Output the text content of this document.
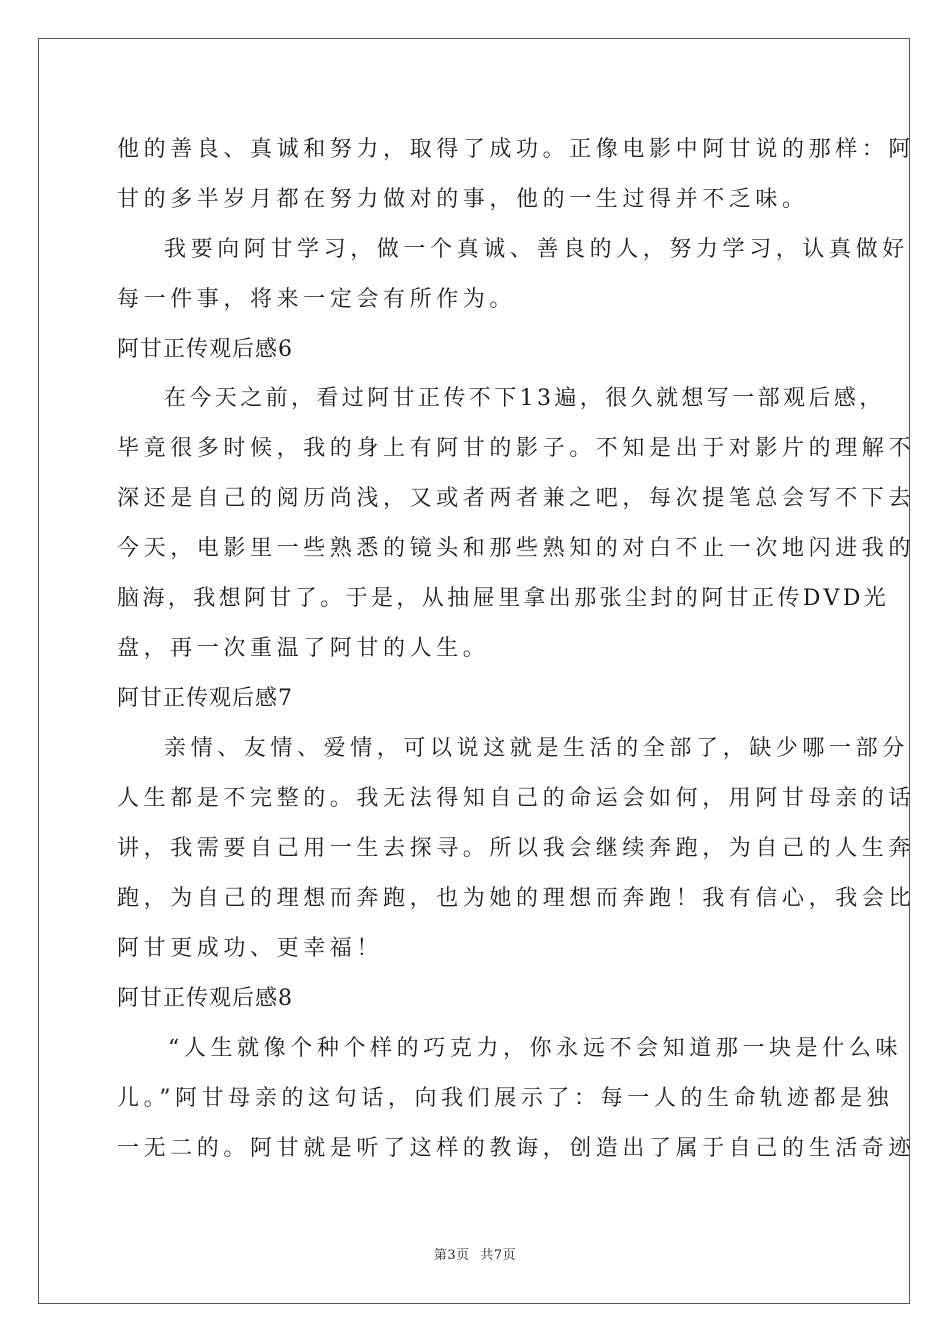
他的善良、真诚和努力，取得了成功。正像电影中阿甘说的那样：阿
甘的多半岁月都在努力做对的事，他的一生过得并不乏味。
我要向阿甘学习，做一个真诚、善良的人，努力学习，认真做好
每一件事，将来一定会有所作为。
阿甘正传观后感6
在今天之前，看过阿甘正传不下13遍，很久就想写一部观后感，
毕竟很多时候，我的身上有阿甘的影子。不知是出于对影片的理解不
深还是自己的阅历尚浅，又或者两者兼之吧，每次提笔总会写不下去
今天，电影里一些熟悉的镜头和那些熟知的对白不止一次地闪进我的
脑海，我想阿甘了。于是，从抽屉里拿出那张尘封的阿甘正传DVD光
盘，再一次重温了阿甘的人生。
阿甘正传观后感7
亲情、友情、爱情，可以说这就是生活的全部了，缺少哪一部分
人生都是不完整的。我无法得知自己的命运会如何，用阿甘母亲的话
讲，我需要自己用一生去探寻。所以我会继续奔跑，为自己的人生奔
跑，为自己的理想而奔跑，也为她的理想而奔跑！我有信心，我会比
阿甘更成功、更幸福！
阿甘正传观后感8
“人生就像个种个样的巧克力，你永远不会知道那一块是什么味
儿。”阿甘母亲的这句话，向我们展示了：每一人的生命轨迹都是独
一无二的。阿甘就是听了这样的教诲，创造出了属于自己的生活奇迹
第3页 共7页
